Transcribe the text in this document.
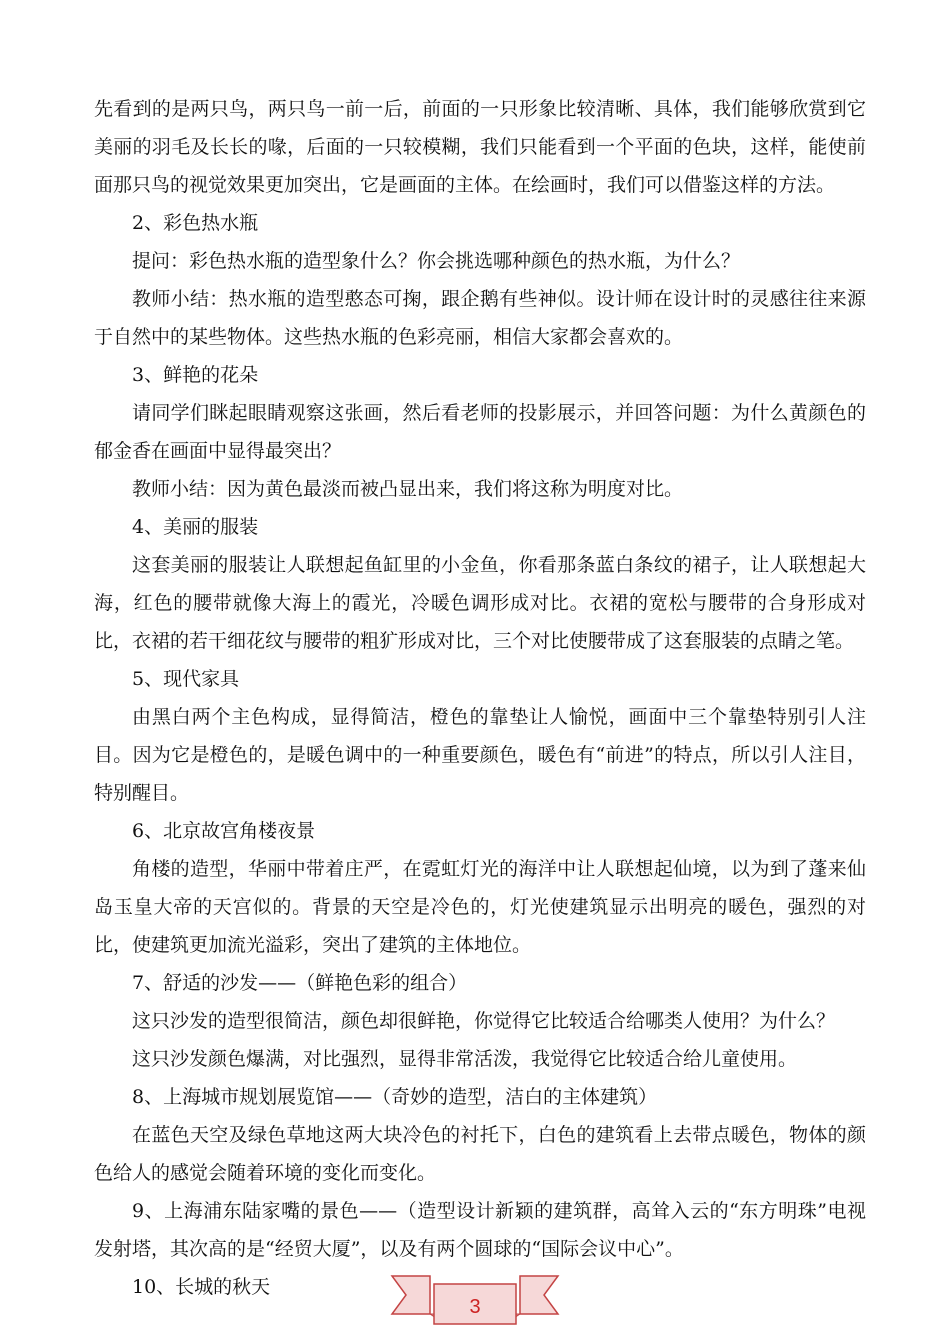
先看到的是两只鸟，两只鸟一前一后，前面的一只形象比较清晰、具体，我们能够欣赏到它美丽的羽毛及长长的喙，后面的一只较模糊，我们只能看到一个平面的色块，这样，能使前面那只鸟的视觉效果更加突出，它是画面的主体。在绘画时，我们可以借鉴这样的方法。

2、彩色热水瓶

提问：彩色热水瓶的造型象什么？你会挑选哪种颜色的热水瓶，为什么？

教师小结：热水瓶的造型憨态可掬，跟企鹅有些神似。设计师在设计时的灵感往往来源于自然中的某些物体。这些热水瓶的色彩亮丽，相信大家都会喜欢的。

3、鲜艳的花朵

请同学们眯起眼睛观察这张画，然后看老师的投影展示，并回答问题：为什么黄颜色的郁金香在画面中显得最突出？

教师小结：因为黄色最淡而被凸显出来，我们将这称为明度对比。

4、美丽的服装

这套美丽的服装让人联想起鱼缸里的小金鱼，你看那条蓝白条纹的裙子，让人联想起大海，红色的腰带就像大海上的霞光，冷暖色调形成对比。衣裙的宽松与腰带的合身形成对比，衣裙的若干细花纹与腰带的粗犷形成对比，三个对比使腰带成了这套服装的点睛之笔。

5、现代家具

由黑白两个主色构成，显得简洁，橙色的靠垫让人愉悦，画面中三个靠垫特别引人注目。因为它是橙色的，是暖色调中的一种重要颜色，暖色有“前进”的特点，所以引人注目，特别醒目。

6、北京故宫角楼夜景

角楼的造型，华丽中带着庄严，在霓虹灯光的海洋中让人联想起仙境，以为到了蓬来仙岛玉皇大帝的天宫似的。背景的天空是冷色的，灯光使建筑显示出明亮的暖色，强烈的对比，使建筑更加流光溢彩，突出了建筑的主体地位。

7、舒适的沙发——（鲜艳色彩的组合）

这只沙发的造型很简洁，颜色却很鲜艳，你觉得它比较适合给哪类人使用？为什么？

这只沙发颜色爆满，对比强烈，显得非常活泼，我觉得它比较适合给儿童使用。

8、上海城市规划展览馆——（奇妙的造型，洁白的主体建筑）

在蓝色天空及绿色草地这两大块冷色的衬托下，白色的建筑看上去带点暖色，物体的颜色给人的感觉会随着环境的变化而变化。

9、上海浦东陆家嘴的景色——（造型设计新颖的建筑群，高耸入云的“东方明珠”电视发射塔，其次高的是“经贸大厦”，以及有两个圆球的“国际会议中心”。

10、长城的秋天

3
